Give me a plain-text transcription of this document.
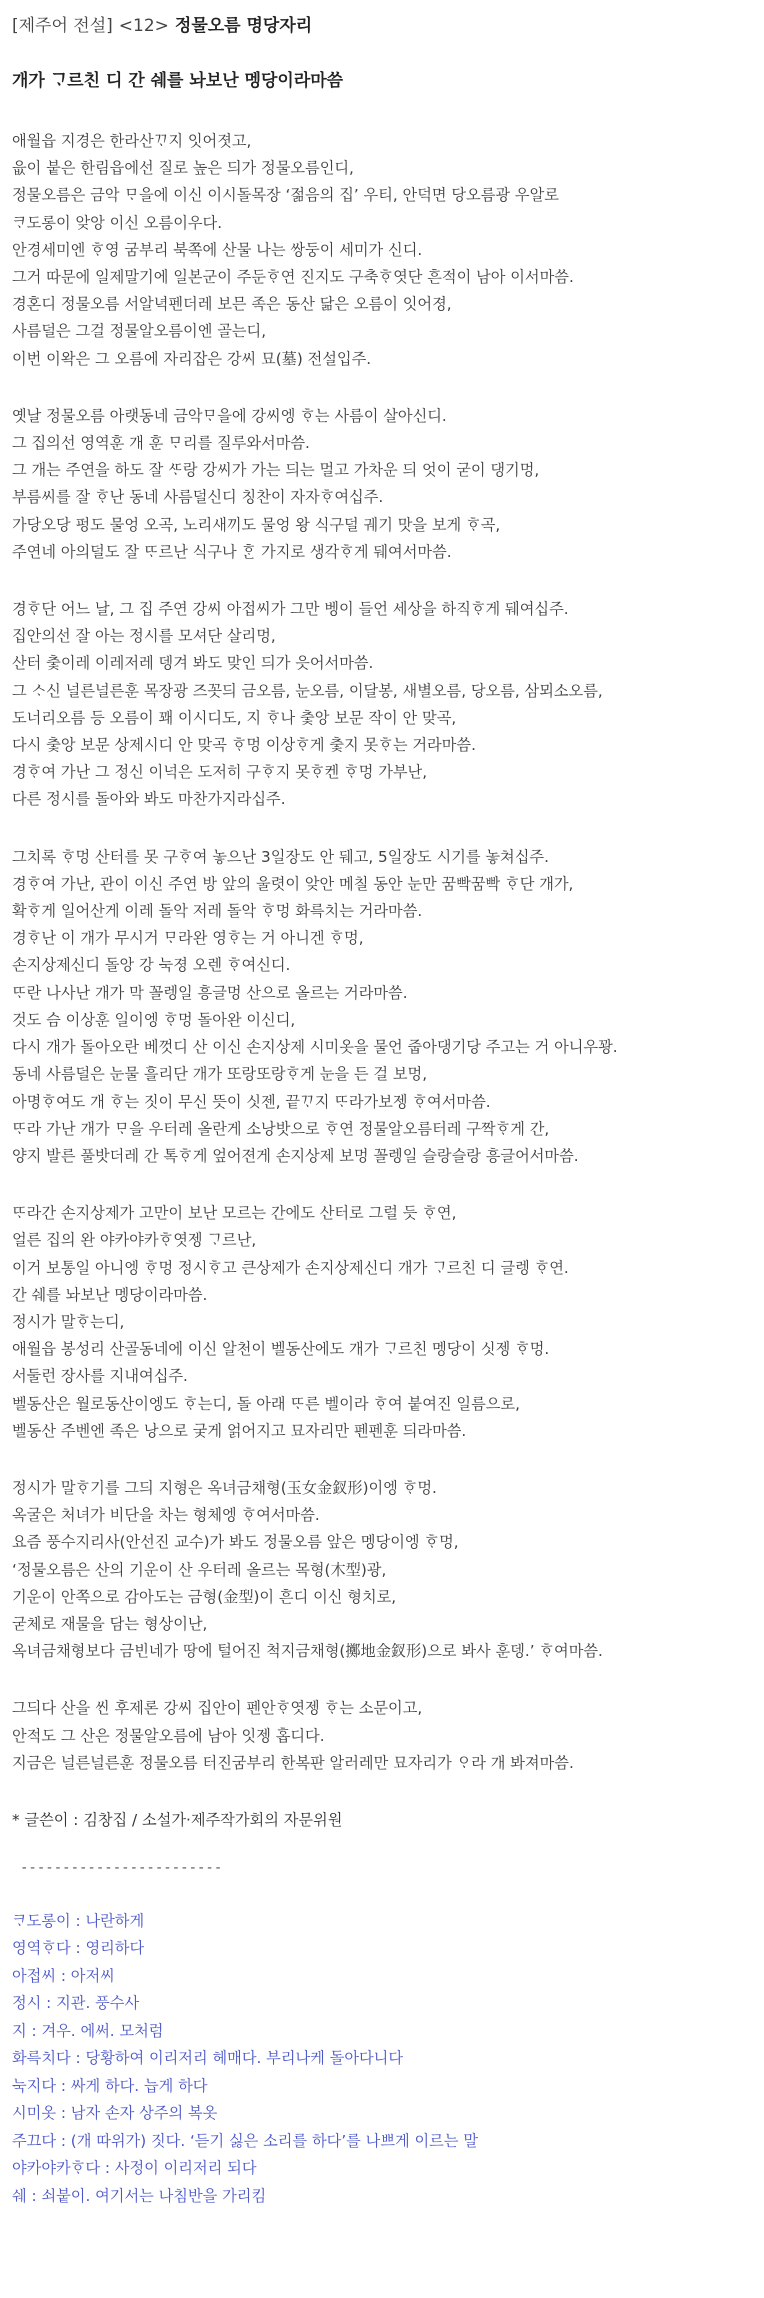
[제주어 전설] <12> 정물오름 명당자리
개가 ᄀᆞ르친 디 간 쉐를 놔보난 멩당이라마씀
애월읍 지경은 한라산ᄁᆞ지 잇어졋고,
읎이 붙은 한림읍에선 질로 높은 듸가 정물오름인디,
정물오름은 금악 ᄆᆞ을에 이신 이시돌목장 ‘젊음의 집’ 우티, 안덕면 당오름광 우알로
ᄏᆞ도롱이 앚앙 이신 오름이우다.
안경세미엔 ᄒᆞ영 굼부리 북쪽에 산물 나는 쌍둥이 세미가 신디.
그거 따문에 일제말기에 일본군이 주둔ᄒᆞ연 진지도 구축ᄒᆞ엿단 흔적이 남아 이서마씀.
경혼디 정물오름 서알녁펜더레 보믄 족은 동산 닮은 오름이 잇어졍,
사름덜은 그걸 정물알오름이엔 골는디,
이번 이왁은 그 오름에 자리잡은 강씨 묘(墓) 전설입주.
옛날 정물오름 아랫동네 금악ᄆᆞ을에 강씨엥 ᄒᆞ는 사름이 살아신디.
그 집의선 영역훈 개 훈 ᄆᆞ리를 질루와서마씀.
그 개는 주연을 하도 잘 ᄯᆞ랑 강씨가 가는 듸는 멀고 가차운 듸 엇이 굳이 댕기멍,
부름씨를 잘 ᄒᆞ난 동네 사름덜신디 칭찬이 자자ᄒᆞ여십주.
가당오당 펑도 물엉 오곡, 노리새끼도 물엉 왕 식구덜 궤기 맛을 보게 ᄒᆞ곡,
주연네 아의덜도 잘 ᄄᆞ르난 식구나 ᄒᆞᆫ 가지로 생각ᄒᆞ게 뒈여서마씀.
경ᄒᆞ단 어느 날, 그 집 주연 강씨 아접씨가 그만 벵이 들언 세상을 하직ᄒᆞ게 뒈여십주.
집안의선 잘 아는 정시를 모셔단 살리멍,
산터 춫이레 이레저레 뎅겨 봐도 맞인 듸가 읏어서마씀.
그 ᄉᆞ신 널른널른훈 목장광 즈꼿듸 금오름, 눈오름, 이달봉, 새별오름, 당오름, 삼뫼소오름,
도너리오름 등 오름이 꽤 이시디도, 지 ᄒᆞ나 춫앙 보문 작이 안 맞곡,
다시 춫앙 보문 상제시디 안 맞곡 ᄒᆞ멍 이상ᄒᆞ게 춫지 못ᄒᆞ는 거라마씀.
경ᄒᆞ여 가난 그 정신 이넉은 도저히 구ᄒᆞ지 못ᄒᆞ켄 ᄒᆞ멍 가부난,
다른 정시를 돌아와 봐도 마찬가지라십주.
그치록 ᄒᆞ멍 산터를 못 구ᄒᆞ여 놓으난 3일장도 안 뒈고, 5일장도 시기를 놓쳐십주.
경ᄒᆞ여 가난, 관이 이신 주연 방 앞의 울렷이 앚안 메칠 동안 눈만 꿈빡꿈빡 ᄒᆞ단 개가,
확ᄒᆞ게 일어산게 이레 돌악 저레 돌악 ᄒᆞ멍 화륵치는 거라마씀.
경ᄒᆞ난 이 개가 무시거 ᄆᆞ라완 영ᄒᆞ는 거 아니겐 ᄒᆞ멍,
손지상제신디 돌앙 강 눅졍 오렌 ᄒᆞ여신디.
ᄄᆞ란 나사난 개가 막 꼴렝일 흥글멍 산으로 올르는 거라마씀.
것도 슴 이상훈 일이엥 ᄒᆞ멍 돌아완 이신디,
다시 개가 돌아오란 베껏디 산 이신 손지상제 시미옷을 물언 줍아댕기당 주고는 거 아니우꽝.
동네 사름덜은 눈물 흘리단 개가 또랑또랑ᄒᆞ게 눈을 든 걸 보멍,
아명ᄒᆞ여도 개 ᄒᆞ는 짓이 무신 뜻이 싯젠, 끝ᄁᆞ지 ᄄᆞ라가보젱 ᄒᆞ여서마씀.
ᄄᆞ라 가난 개가 ᄆᆞ을 우터레 올란게 소낭밧으로 ᄒᆞ연 정물알오름터레 구짝ᄒᆞ게 간,
양지 발른 풀밧더레 간 톡ᄒᆞ게 엎어젼게 손지상제 보멍 꼴렝일 슬랑슬랑 흥글어서마씀.
ᄄᆞ라간 손지상제가 고만이 보난 모르는 간에도 산터로 그럴 듯 ᄒᆞ연,
얼른 집의 완 야카야카ᄒᆞ엿젱 ᄀᆞ르난,
이거 보통일 아니엥 ᄒᆞ멍 정시ᄒᆞ고 큰상제가 손지상제신디 개가 ᄀᆞ르친 디 글렝 ᄒᆞ연.
간 쉐를 놔보난 멩당이라마씀.
정시가 말ᄒᆞ는디,
애월읍 봉성리 산골동네에 이신 알천이 벨동산에도 개가 ᄀᆞ르친 멩당이 싯젱 ᄒᆞ멍.
서둘런 장사를 지내여십주.
벨동산은 월로동산이엥도 ᄒᆞ는디, 돌 아래 ᄄᆞ른 벨이라 ᄒᆞ여 붙여진 일름으로,
벨동산 주벤엔 족은 낭으로 궂게 얽어지고 묘자리만 펜펜훈 듸라마씀.
정시가 말ᄒᆞ기를 그듸 지형은 옥녀금채형(玉女金釵形)이엥 ᄒᆞ멍.
옥굴은 처녀가 비단을 차는 형체엥 ᄒᆞ여서마씀.
요즘 풍수지리사(안선진 교수)가 봐도 정물오름 앞은 멩당이엥 ᄒᆞ멍,
‘정물오름은 산의 기운이 산 우터레 올르는 목형(木型)광,
기운이 안쪽으로 감아도는 금형(金型)이 흔디 이신 형치로,
굳체로 재물을 담는 형상이난,
옥녀금채형보다 금빈네가 땅에 털어진 척지금채형(擲地金釵形)으로 봐사 훈뎅.’ ᄒᆞ여마씀.
그듸다 산을 씬 후제론 강씨 집안이 펜안ᄒᆞ엿젱 ᄒᆞ는 소문이고,
안적도 그 산은 정물알오름에 남아 잇젱 홉디다.
지금은 널른널른훈 정물오름 터진굼부리 한복판 알러레만 묘자리가 ᄋᆞ라 개 봐져마씀.
* 글쓴이 : 김창집 / 소설가·제주작가회의 자문위원
------------------------
ᄏᆞ도롱이 : 나란하게
영역ᄒᆞ다 : 영리하다
아접씨 : 아저씨
정시 : 지관. 풍수사
지 : 겨우. 에써. 모처럼
화륵치다 : 당황하여 이리저리 헤매다. 부리나케 돌아다니다
눅지다 : 싸게 하다. 늡게 하다
시미옷 : 남자 손자 상주의 복옷
주끄다 : (개 따위가) 짓다. ‘듣기 싫은 소리를 하다’를 나쁘게 이르는 말
야카야카ᄒᆞ다 : 사정이 이리저리 되다
쉐 : 쇠붙이. 여기서는 나침반을 가리킴
